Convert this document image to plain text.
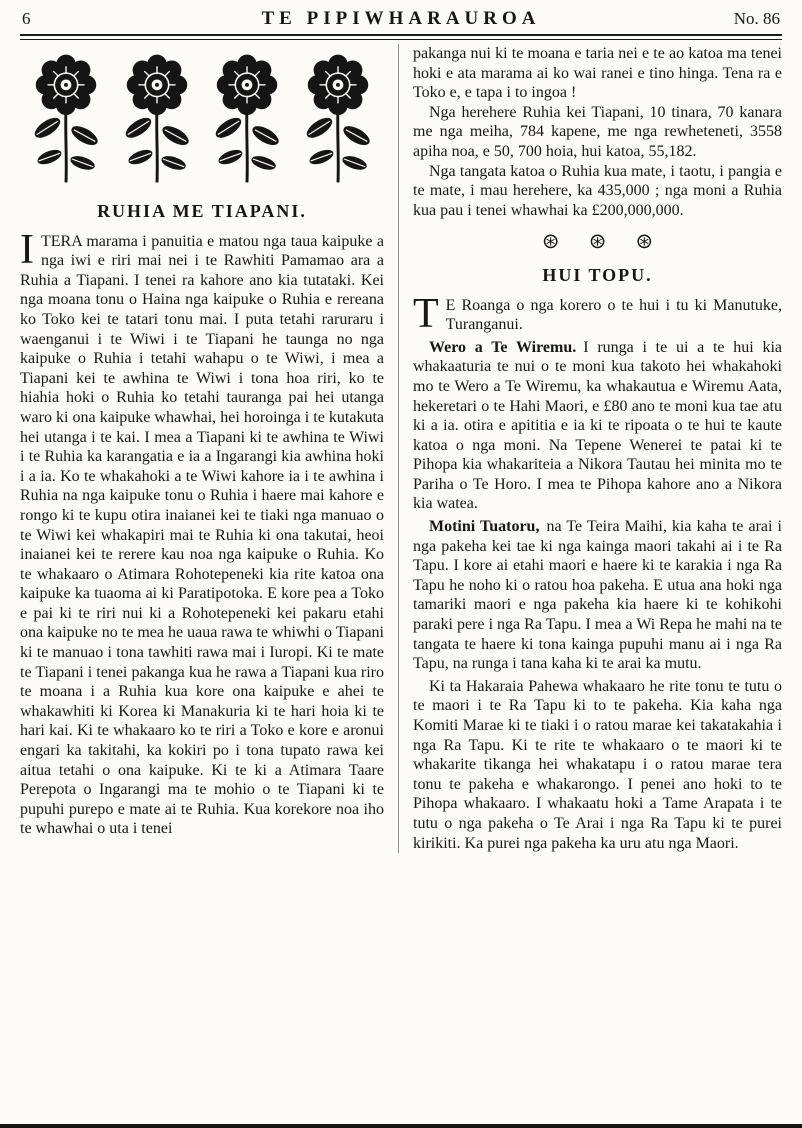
6	TE PIPIWHARAUROA	No. 86
RUHIA ME TIAPANI.

ITERA marama i panuitia e matou nga taua kaipuke a nga iwi e riri mai nei i te Rawhiti Pamamao ara a Ruhia a Tiapani. I tenei ra kahore ano kia tutataki. Kei nga moana tonu o Haina nga kaipuke o Ruhia e rereana ko Toko kei te tatari tonu mai. I puta tetahi raruraru i waenganui i te Wiwi i te Tiapani he taunga no nga kaipuke o Ruhia i tetahi wahapu o te Wiwi, i mea a Tiapani kei te awhina te Wiwi i tona hoa riri, ko te hiahia hoki o Ruhia ko tetahi tauranga pai hei utanga waro ki ona kaipuke whawhai, hei horoinga i te kutakuta hei utanga i te kai. I mea a Tiapani ki te awhina te Wiwi i te Ruhia ka karangatia e ia a Ingarangi kia awhina hoki i a ia. Ko te whakahoki a te Wiwi kahore ia i te awhina i Ruhia na nga kaipuke tonu o Ruhia i haere mai kahore e rongo ki te kupu otira inaianei kei te tiaki nga manuao o te Wiwi kei whakapiri mai te Ruhia ki ona takutai, heoi inaianei kei te rerere kau noa nga kaipuke o Ruhia. Ko te whakaaro o Atimara Rohotepeneki kia rite katoa ona kaipuke ka tuaoma ai ki Paratipotoka. E kore pea a Toko e pai ki te riri nui ki a Rohotepeneki kei pakaru etahi ona kaipuke no te mea he uaua rawa te whiwhi o Tiapani ki te manuao i tona tawhiti rawa mai i Iuropi. Ki te mate te Tiapani i tenei pakanga kua he rawa a Tiapani kua riro te moana i a Ruhia kua kore ona kaipuke e ahei te whakawhiti ki Korea ki Manakuria ki te hari hoia ki te hari kai. Ki te whakaaro ko te riri a Toko e kore e aronui engari ka takitahi, ka kokiri po i tona tupato rawa kei aitua tetahi o ona kaipuke. Ki te ki a Atimara Taare Perepota o Ingarangi ma te mohio o te Tiapani ki te pupuhi purepo e mate ai te Ruhia. Kua korekore noa iho te whawhai o uta i tenei

pakanga nui ki te moana e taria nei e te ao katoa ma tenei hoki e ata marama ai ko wai ranei e tino hinga. Tena ra e Toko e, e tapa i to ingoa !

Nga herehere Ruhia kei Tiapani, 10 tinara, 70 kanara me nga meiha, 784 kapene, me nga rewheteneti, 3558 apiha noa, e 50, 700 hoia, hui katoa, 55,182.

Nga tangata katoa o Ruhia kua mate, i taotu, i pangia e te mate, i mau herehere, ka 435,000 ; nga moni a Ruhia kua pau i tenei whawhai ka £200,000,000.

⊛ ⊛ ⊛
HUI TOPU.

T E Roanga o nga korero o te hui i tu ki Manutuke, Turanganui.

Wero a Te Wiremu. I runga i te ui a te hui kia whakaaturia te nui o te moni kua takoto hei whakahoki mo te Wero a Te Wiremu, ka whakautua e Wiremu Aata, hekeretari o te Hahi Maori, e £80 ano te moni kua tae atu ki a ia. otira e apititia e ia ki te ripoata o te hui te kaute katoa o nga moni. Na Tepene Wenerei te patai ki te Pihopa kia whakariteia a Nikora Tautau hei minita mo te Pariha o Te Horo. I mea te Pihopa kahore ano a Nikora kia watea.

Motini Tuatoru, na Te Teira Maihi, kia kaha te arai i nga pakeha kei tae ki nga kainga maori takahi ai i te Ra Tapu. I kore ai etahi maori e haere ki te karakia i nga Ra Tapu he noho ki o ratou hoa pakeha. E utua ana hoki nga tamariki maori e nga pakeha kia haere ki te kohikohi paraki pere i nga Ra Tapu. I mea a Wi Repa he mahi na te tangata te haere ki tona kainga pupuhi manu ai i nga Ra Tapu, na runga i tana kaha ki te arai ka mutu.

Ki ta Hakaraia Pahewa whakaaro he rite tonu te tutu o te maori i te Ra Tapu ki to te pakeha. Kia kaha nga Komiti Marae ki te tiaki i o ratou marae kei takatakahia i nga Ra Tapu. Ki te rite te whakaaro o te maori ki te whakarite tikanga hei whakatapu i o ratou marae tera tonu te pakeha e whakarongo. I penei ano hoki to te Pihopa whakaaro. I whakaatu hoki a Tame Arapata i te tutu o nga pakeha o Te Arai i nga Ra Tapu ki te purei kirikiti. Ka purei nga pakeha ka uru atu nga Maori.
